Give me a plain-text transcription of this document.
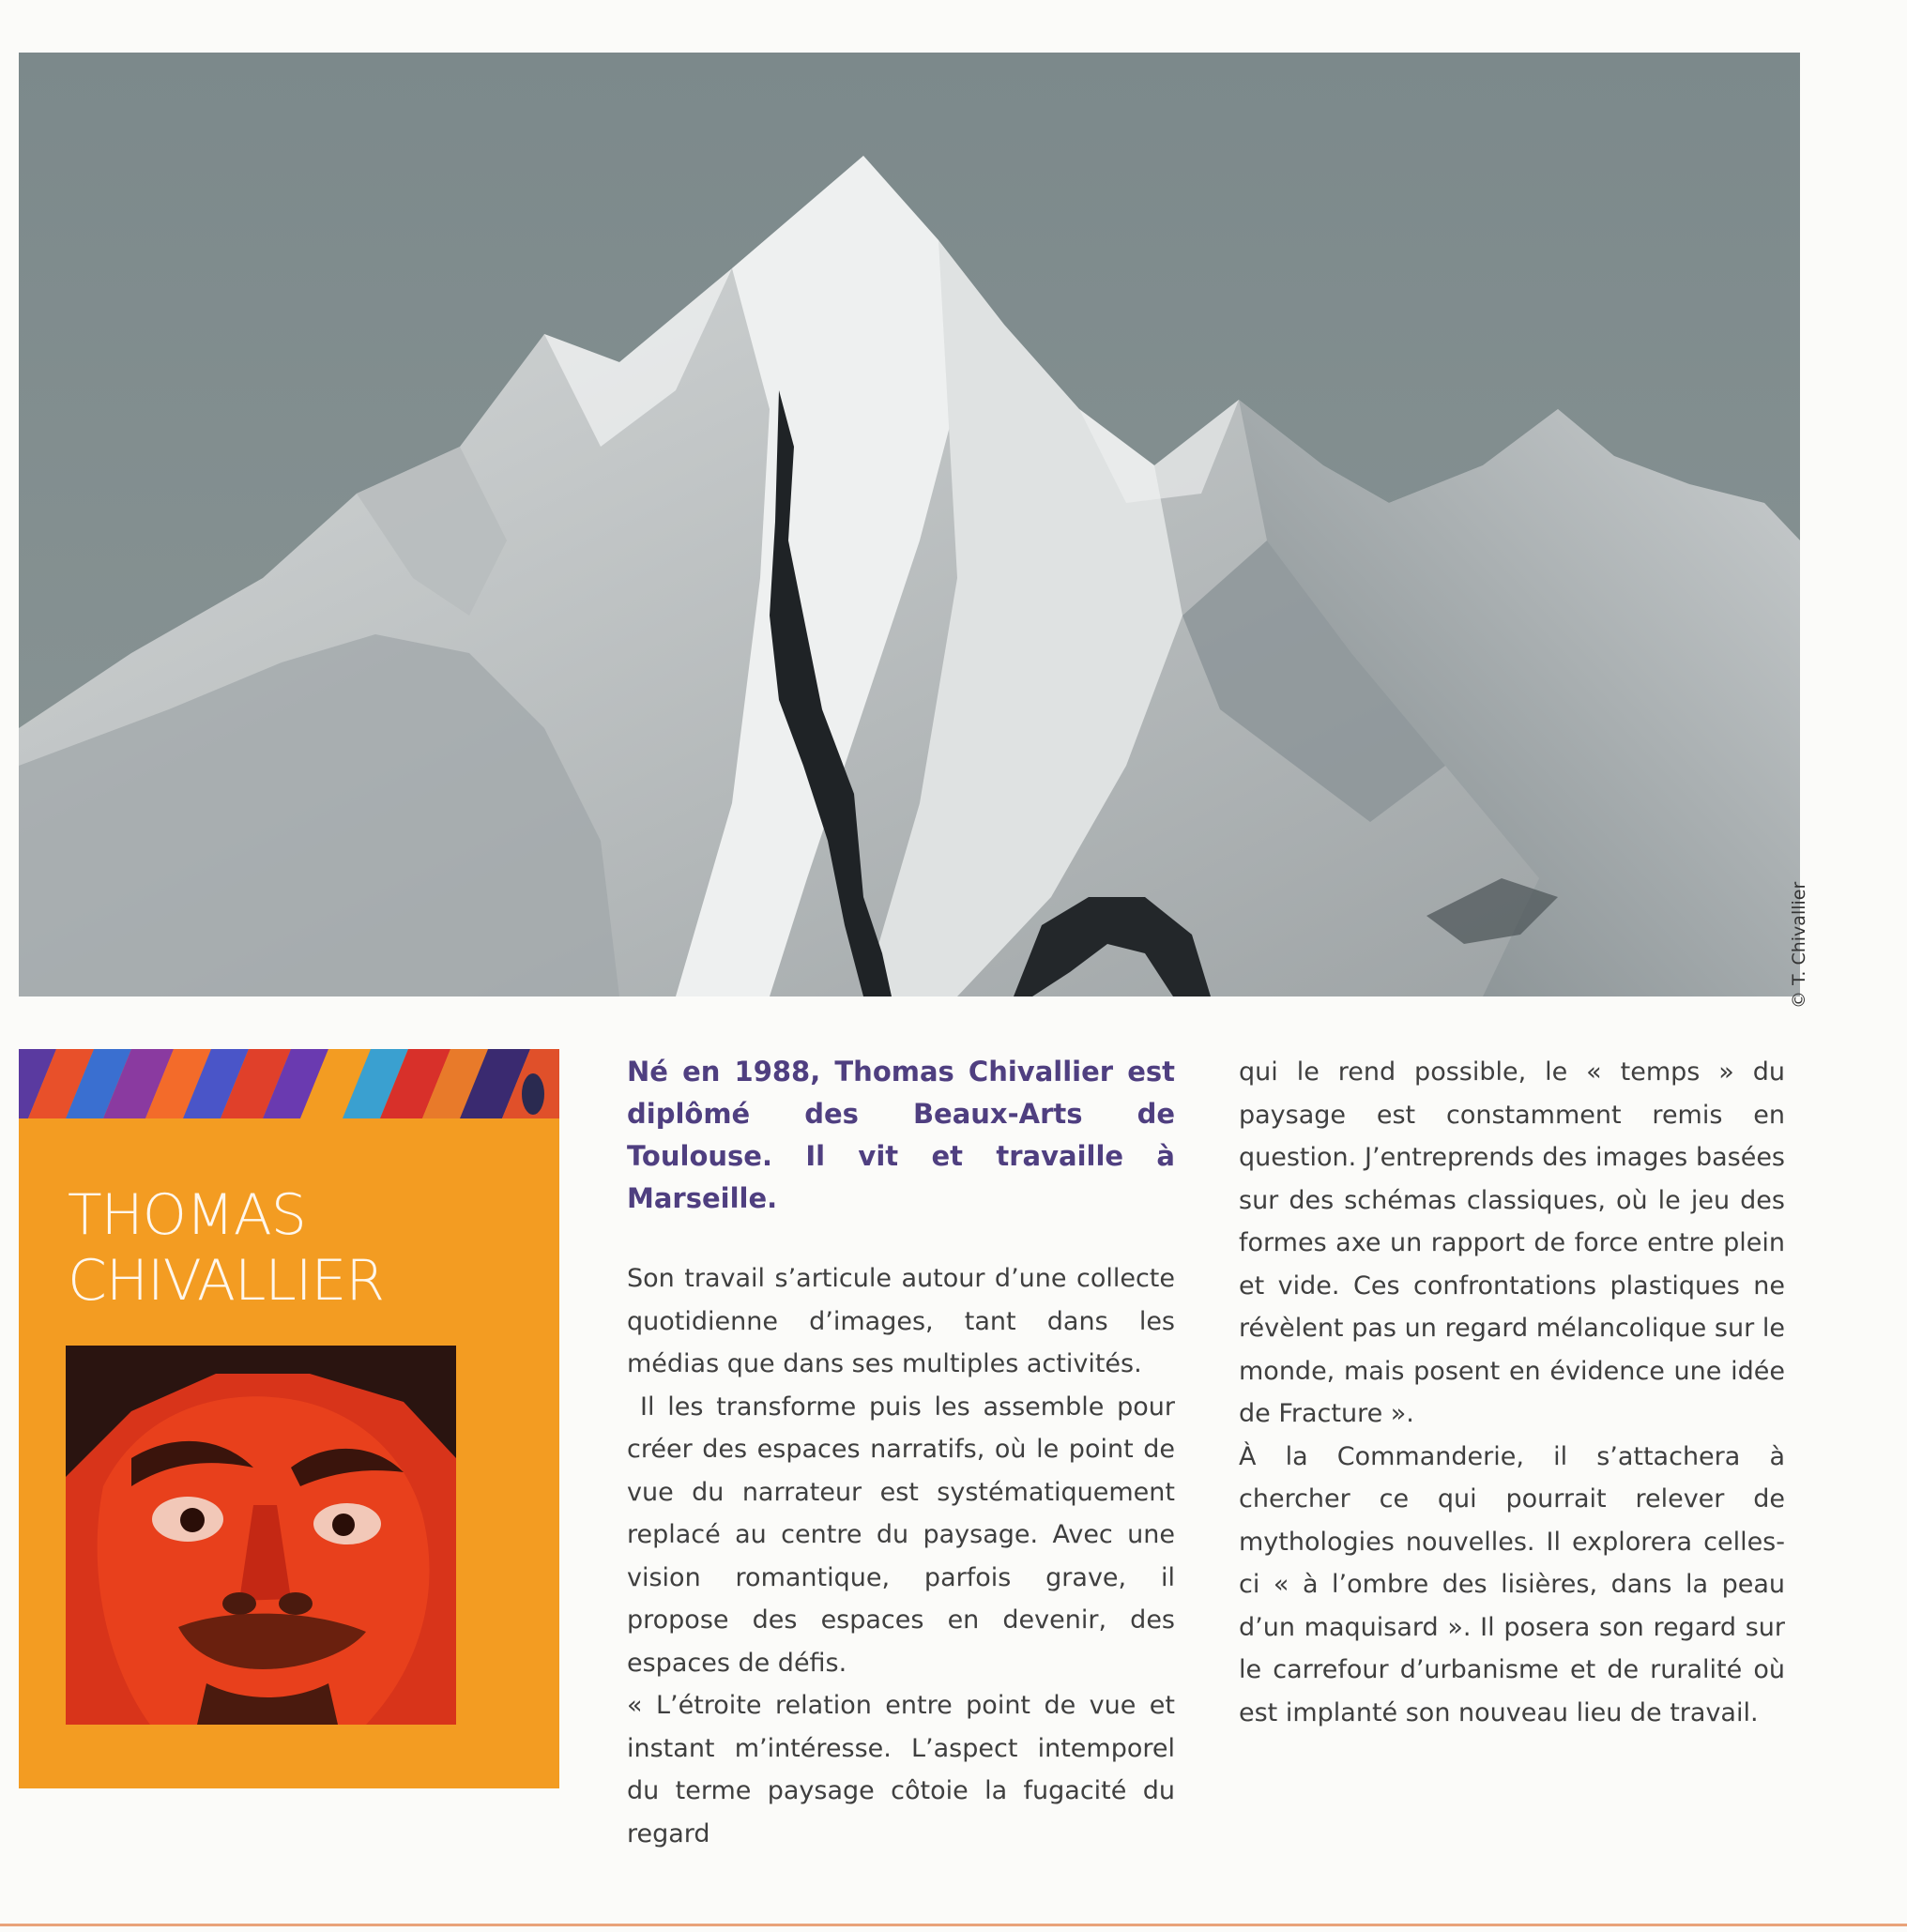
© T. Chivallier
THOMAS
CHIVALLIER

Né en 1988, Thomas Chivallier est diplômé des Beaux-Arts de Toulouse. Il vit et travaille à Marseille.

Son travail s’articule autour d’une collecte quotidienne d’images, tant dans les médias que dans ses multiples activités.

Il les transforme puis les assemble pour créer des espaces narratifs, où le point de vue du narrateur est systématiquement replacé au centre du paysage. Avec une vision romantique, parfois grave, il propose des espaces en devenir, des espaces de défis.

« L’étroite relation entre point de vue et instant m’intéresse. L’aspect intemporel du terme paysage côtoie la fugacité du regard

qui le rend possible, le « temps » du paysage est constamment remis en question. J’entreprends des images basées sur des schémas classiques, où le jeu des formes axe un rapport de force entre plein et vide. Ces confrontations plastiques ne révèlent pas un regard mélancolique sur le monde, mais posent en évidence une idée de Fracture ».

À la Commanderie, il s’attachera à chercher ce qui pourrait relever de mythologies nouvelles. Il explorera celles-ci « à l’ombre des lisières, dans la peau d’un maquisard ». Il posera son regard sur le carrefour d’urbanisme et de ruralité où est implanté son nouveau lieu de travail.
